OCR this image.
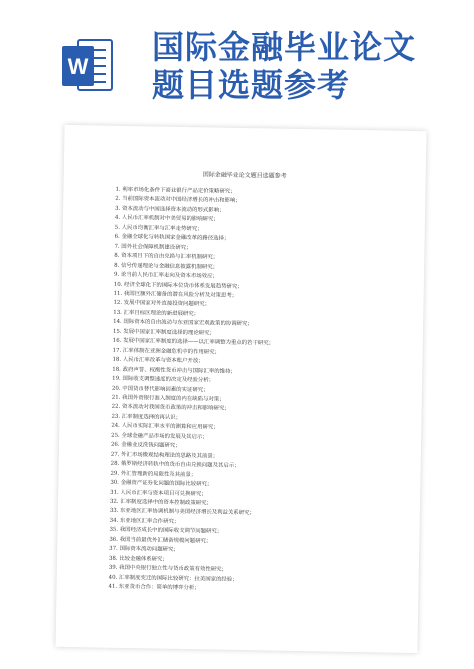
W
国际金融毕业论文
题目选题参考
国际金融毕业论文题目选题参考
1. 利率市场化条件下商业银行产品定价策略研究；
2. 当前国际资本流动对中国经济增长的冲击和影响；
3. 资本流动与中国选择资本流动的形式影响；
4. 人民币汇率机制对中美贸易的影响研究；
5. 人民币均衡汇率与汇率走势研究；
6. 金融全球化与转轨国家金融改革的路径选择；
7. 国外社会保障机制建设研究；
8. 资本项目下的自由兑换与汇率机制研究；
8. 信号传递理论与金融信息披露机制研究；
9. 论当前人民币汇率走向及资本市场效应；
10. 经济全球化下的国际本位货币体系发展趋势研究；
11. 我国巨额外汇储备的潜在风险分析及对策思考；
12. 发展中国家对外直接投资问题研究；
13. 汇率目标区理论的新进展研究；
14. 国际资本的自由流动与东亚国家宏观政策的协调研究；
15. 发展中国家汇率制度选择的理论研究；
16. 发展中国家汇率制度的选择——以汇率调整为重点的若干研究；
17. 汇率体制在亚洲金融危机中的作用研究；
18. 人民币汇率改革与资本账户开放；
18. 政府声誉、权衡性货币冲击与国际汇率的维持；
19. 国际收支调整速度的决定及经验分析；
20. 中国货币替代影响因素的实证研究；
21. 我国外资银行准入制度的内在缺陷与对策；
22. 资本流动对我国货币政策的冲击和影响研究；
23. 汇率制度选择的再认识；
24. 人民币实际汇率水平的测算和应用研究；
25. 全球金融产品市场的发展及其启示；
26. 金融业反洗钱问题研究；
27. 外汇市场微观结构理论的思路及其前景；
28. 俄罗斯经济转轨中的货币自由兑换问题及其启示；
29. 外汇管理新的局限性及其前景；
30. 金融资产证券化问题的国际比较研究；
31. 人民币汇率与资本项目可兑换研究；
32. 汇率制度选择中的资本控制政策研究；
33. 东亚地区汇率协调机制与美国经济增长及利益关系研究；
34. 东亚地区汇率合作研究；
35. 我国经济成长中的国际收支调节问题研究；
36. 我国当前最优外汇储备规模问题研究；
37. 国际资本流动问题研究；
38. 比较金融体系研究；
39. 我国中央银行独立性与货币政策有效性研究；
40. 汇率制度变迁的国际比较研究：拉美国家的经验；
41. 东亚货币合作：简单的博弈分析；
